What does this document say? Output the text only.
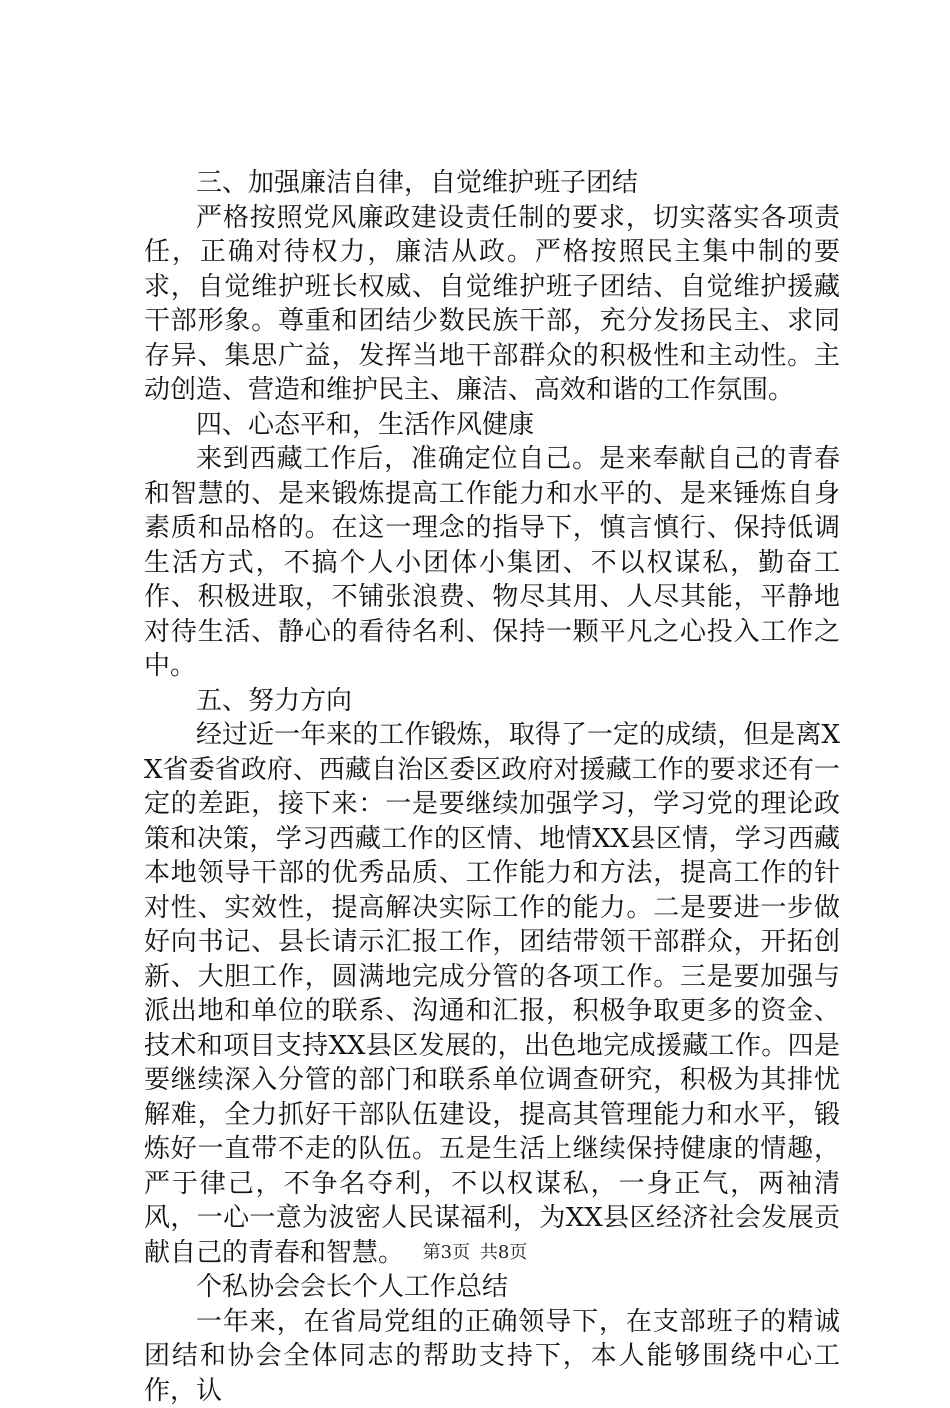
三、加强廉洁自律，自觉维护班子团结

严格按照党风廉政建设责任制的要求，切实落实各项责任，正确对待权力，廉洁从政。严格按照民主集中制的要求，自觉维护班长权威、自觉维护班子团结、自觉维护援藏干部形象。尊重和团结少数民族干部，充分发扬民主、求同存异、集思广益，发挥当地干部群众的积极性和主动性。主动创造、营造和维护民主、廉洁、高效和谐的工作氛围。

四、心态平和，生活作风健康

来到西藏工作后，准确定位自己。是来奉献自己的青春和智慧的、是来锻炼提高工作能力和水平的、是来锤炼自身素质和品格的。在这一理念的指导下，慎言慎行、保持低调生活方式，不搞个人小团体小集团、不以权谋私，勤奋工作、积极进取，不铺张浪费、物尽其用、人尽其能，平静地对待生活、静心的看待名利、保持一颗平凡之心投入工作之中。

五、努力方向

经过近一年来的工作锻炼，取得了一定的成绩，但是离XX省委省政府、西藏自治区委区政府对援藏工作的要求还有一定的差距，接下来：一是要继续加强学习，学习党的理论政策和决策，学习西藏工作的区情、地情XX县区情，学习西藏本地领导干部的优秀品质、工作能力和方法，提高工作的针对性、实效性，提高解决实际工作的能力。二是要进一步做好向书记、县长请示汇报工作，团结带领干部群众，开拓创新、大胆工作，圆满地完成分管的各项工作。三是要加强与派出地和单位的联系、沟通和汇报，积极争取更多的资金、技术和项目支持XX县区发展的，出色地完成援藏工作。四是要继续深入分管的部门和联系单位调查研究，积极为其排忧解难，全力抓好干部队伍建设，提高其管理能力和水平，锻炼好一直带不走的队伍。五是生活上继续保持健康的情趣，严于律己，不争名夺利，不以权谋私，一身正气，两袖清风，一心一意为波密人民谋福利，为XX县区经济社会发展贡献自己的青春和智慧。

个私协会会长个人工作总结

一年来，在省局党组的正确领导下，在支部班子的精诚团结和协会全体同志的帮助支持下，本人能够围绕中心工作，认

第3页 共8页
